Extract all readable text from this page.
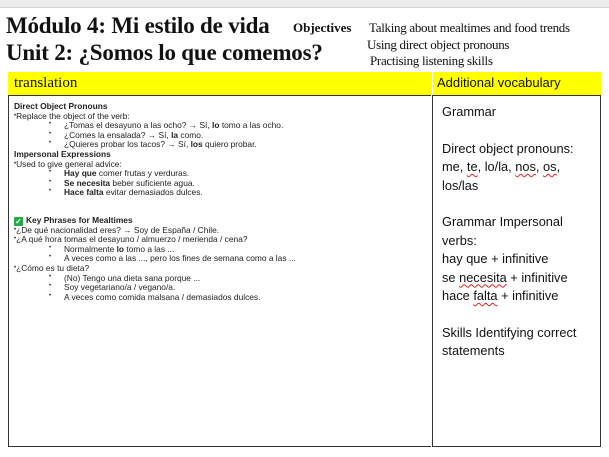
Módulo 4: Mi estilo de vida
Unit 2: ¿Somos lo que comemos?
Objectives Talking about mealtimes and food trends
Using direct object pronouns
Practising listening skills
translation	Additional vocabulary
Direct Object Pronouns
• Replace the object of the verb:
• ¿Tomas el desayuno a las ocho? → Sí, lo tomo a las ocho.
• ¿Comes la ensalada? → Sí, la como.
• ¿Quieres probar los tacos? → Sí, los quiero probar.
Impersonal Expressions
• Used to give general advice:
• Hay que comer frutas y verduras.
• Se necesita beber suficiente agua.
• Hace falta evitar demasiados dulces.
✓ Key Phrases for Mealtimes
• ¿De qué nacionalidad eres? → Soy de España / Chile.
• ¿A qué hora tomas el desayuno / almuerzo / merienda / cena?
• Normalmente lo tomo a las ...
• A veces como a las ..., pero los fines de semana como a las ...
• ¿Cómo es tu dieta?
• (No) Tengo una dieta sana porque ...
• Soy vegetariano/a / vegano/a.
• A veces como comida malsana / demasiados dulces.
Grammar
Direct object pronouns:
me, te, lo/la, nos, os,
los/las
Grammar Impersonal
verbs:
hay que + infinitive
se necesita + infinitive
hace falta + infinitive
Skills Identifying correct
statements
